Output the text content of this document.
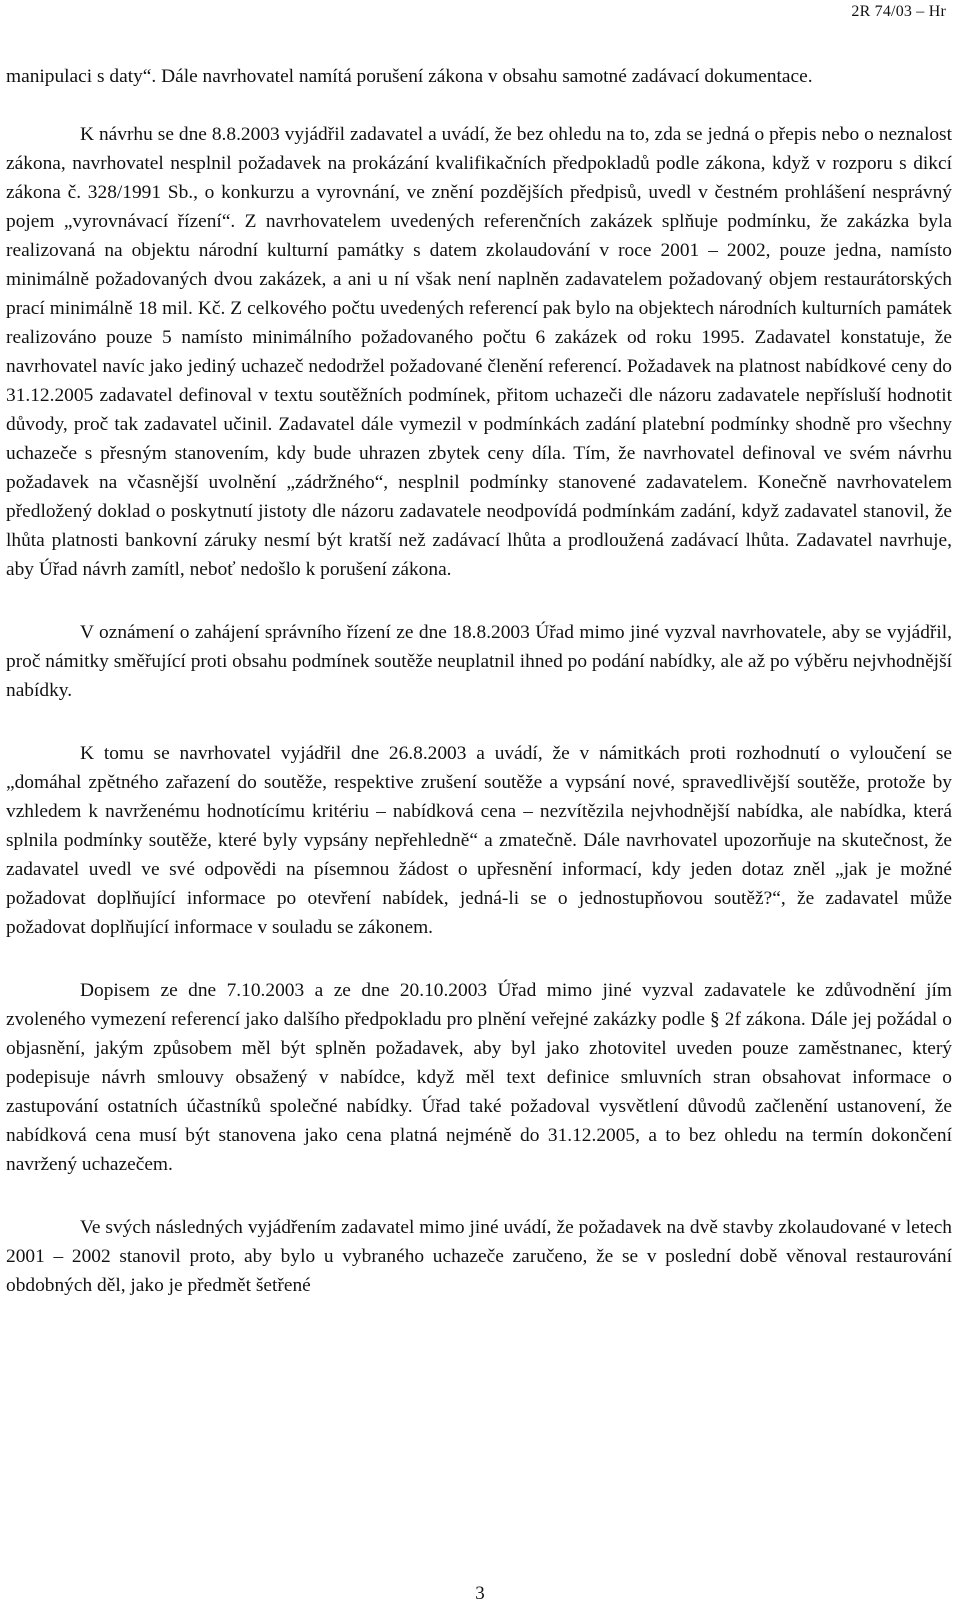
2R 74/03 – Hr

manipulaci s daty“. Dále navrhovatel namítá porušení zákona v obsahu samotné zadávací dokumentace.

K návrhu se dne 8.8.2003 vyjádřil zadavatel a uvádí, že bez ohledu na to, zda se jedná o přepis nebo o neznalost zákona, navrhovatel nesplnil požadavek na prokázání kvalifikačních předpokladů podle zákona, když v rozporu s dikcí zákona č. 328/1991 Sb., o konkurzu a vyrovnání, ve znění pozdějších předpisů, uvedl v čestném prohlášení nesprávný pojem „vyrovnávací řízení“. Z navrhovatelem uvedených referenčních zakázek splňuje podmínku, že zakázka byla realizovaná na objektu národní kulturní památky s datem zkolaudování v roce 2001 – 2002, pouze jedna, namísto minimálně požadovaných dvou zakázek, a ani u ní však není naplněn zadavatelem požadovaný objem restaurátorských prací minimálně 18 mil. Kč. Z celkového počtu uvedených referencí pak bylo na objektech národních kulturních památek realizováno pouze 5 namísto minimálního požadovaného počtu 6 zakázek od roku 1995. Zadavatel konstatuje, že navrhovatel navíc jako jediný uchazeč nedodržel požadované členění referencí. Požadavek na platnost nabídkové ceny do 31.12.2005 zadavatel definoval v textu soutěžních podmínek, přitom uchazeči dle názoru zadavatele nepřísluší hodnotit důvody, proč tak zadavatel učinil. Zadavatel dále vymezil v podmínkách zadání platební podmínky shodně pro všechny uchazeče s přesným stanovením, kdy bude uhrazen zbytek ceny díla. Tím, že navrhovatel definoval ve svém návrhu požadavek na včasnější uvolnění „zádržného“, nesplnil podmínky stanovené zadavatelem. Konečně navrhovatelem předložený doklad o poskytnutí jistoty dle názoru zadavatele neodpovídá podmínkám zadání, když zadavatel stanovil, že lhůta platnosti bankovní záruky nesmí být kratší než zadávací lhůta a prodloužená zadávací lhůta. Zadavatel navrhuje, aby Úřad návrh zamítl, neboť nedošlo k porušení zákona.

V oznámení o zahájení správního řízení ze dne 18.8.2003 Úřad mimo jiné vyzval navrhovatele, aby se vyjádřil, proč námitky směřující proti obsahu podmínek soutěže neuplatnil ihned po podání nabídky, ale až po výběru nejvhodnější nabídky.

K tomu se navrhovatel vyjádřil dne 26.8.2003 a uvádí, že v námitkách proti rozhodnutí o vyloučení se „domáhal zpětného zařazení do soutěže, respektive zrušení soutěže a vypsání nové, spravedlivější soutěže, protože by vzhledem k navrženému hodnotícímu kritériu – nabídková cena – nezvítězila nejvhodnější nabídka, ale nabídka, která splnila podmínky soutěže, které byly vypsány nepřehledně“ a zmatečně. Dále navrhovatel upozorňuje na skutečnost, že zadavatel uvedl ve své odpovědi na písemnou žádost o upřesnění informací, kdy jeden dotaz zněl „jak je možné požadovat doplňující informace po otevření nabídek, jedná-li se o jednostupňovou soutěž?“, že zadavatel může požadovat doplňující informace v souladu se zákonem.

Dopisem ze dne 7.10.2003 a ze dne 20.10.2003 Úřad mimo jiné vyzval zadavatele ke zdůvodnění jím zvoleného vymezení referencí jako dalšího předpokladu pro plnění veřejné zakázky podle § 2f zákona. Dále jej požádal o objasnění, jakým způsobem měl být splněn požadavek, aby byl jako zhotovitel uveden pouze zaměstnanec, který podepisuje návrh smlouvy obsažený v nabídce, když měl text definice smluvních stran obsahovat informace o zastupování ostatních účastníků společné nabídky. Úřad také požadoval vysvětlení důvodů začlenění ustanovení, že nabídková cena musí být stanovena jako cena platná nejméně do 31.12.2005, a to bez ohledu na termín dokončení navržený uchazečem.

Ve svých následných vyjádřením zadavatel mimo jiné uvádí, že požadavek na dvě stavby zkolaudované v letech 2001 – 2002 stanovil proto, aby bylo u vybraného uchazeče zaručeno, že se v poslední době věnoval restaurování obdobných děl, jako je předmět šetřené

3
